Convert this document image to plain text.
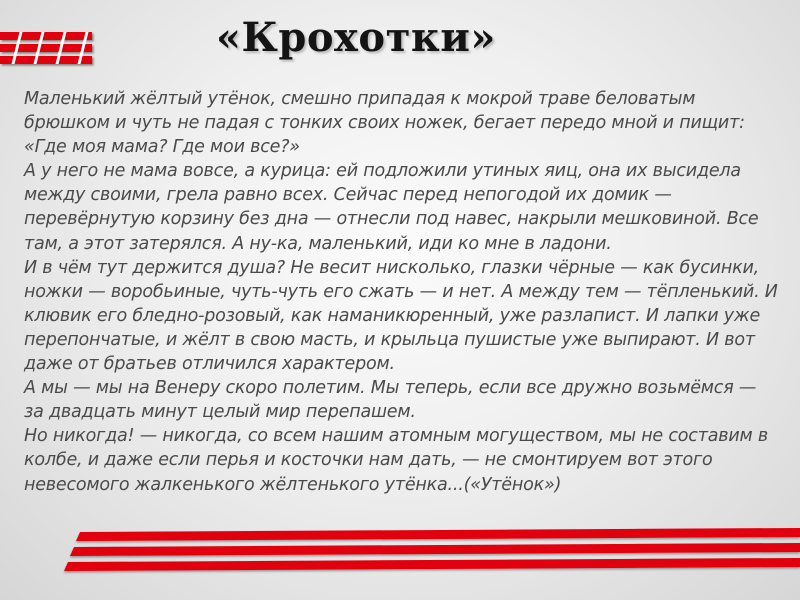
«Крохотки»

Маленький жёлтый утёнок, смешно припадая к мокрой траве беловатым брюшком и чуть не падая с тонких своих ножек, бегает передо мной и пищит: «Где моя мама? Где мои все?»

А у него не мама вовсе, а курица: ей подложили утиных яиц, она их высидела между своими, грела равно всех. Сейчас перед непогодой их домик — перевёрнутую корзину без дна — отнесли под навес, накрыли мешковиной. Все там, а этот затерялся. А ну-ка, маленький, иди ко мне в ладони.

И в чём тут держится душа? Не весит нисколько, глазки чёрные — как бусинки, ножки — воробьиные, чуть-чуть его сжать — и нет. А между тем — тёпленький. И клювик его бледно-розовый, как наманикюренный, уже разлапист. И лапки уже перепончатые, и жёлт в свою масть, и крыльца пушистые уже выпирают. И вот даже от братьев отличился характером.

А мы — мы на Венеру скоро полетим. Мы теперь, если все дружно возьмёмся — за двадцать минут целый мир перепашем.

Но никогда! — никогда, со всем нашим атомным могуществом, мы не составим в колбе, и даже если перья и косточки нам дать, — не смонтируем вот этого невесомого жалкенького жёлтенького утёнка...(«Утёнок»)
